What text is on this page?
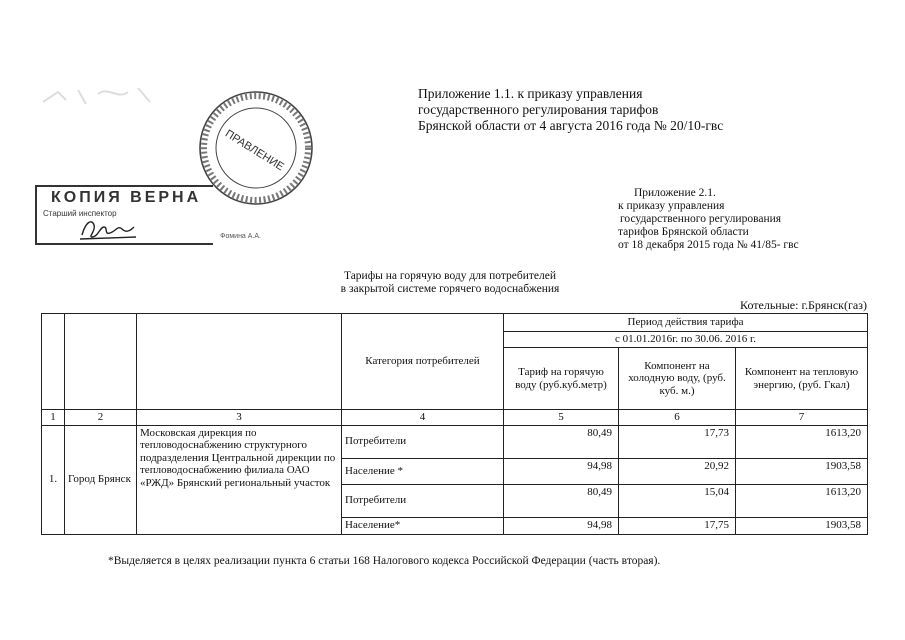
ПРАВЛЕНИЕ
КОПИЯ ВЕРНА
Старший инспектор
Фомина А.А.
Приложение 1.1. к приказу управления
государственного регулирования тарифов
Брянской области от 4 августа 2016 года № 20/10-гвс
Приложение 2.1.
к приказу управления
государственного регулирования
тарифов Брянской области
от 18 декабря 2015 года № 41/85- гвс
Тарифы на горячую воду для потребителей
в закрытой системе горячего водоснабжения
Котельные: г.Брянск(газ)
			Категория потребителей	Период действия тарифа		
				с 01.01.2016г. по 30.06. 2016 г.		
				Тариф на горячую воду (руб.куб.метр)	Компонент на холодную воду, (руб. куб. м.)	Компонент на тепловую энергию, (руб. Гкал)
1	2	3	4	5	6	7
1.	Город Брянск	Московская дирекция по тепловодоснабжению структурного подразделения Центральной дирекции по тепловодоснабжению филиала ОАО «РЖД» Брянский региональный участок	Потребители	80,49	17,73	1613,20
			Население *	94,98	20,92	1903,58
			Потребители	80,49	15,04	1613,20
			Население*	94,98	17,75	1903,58
*Выделяется в целях реализации пункта 6 статьи 168 Налогового кодекса Российской Федерации (часть вторая).
